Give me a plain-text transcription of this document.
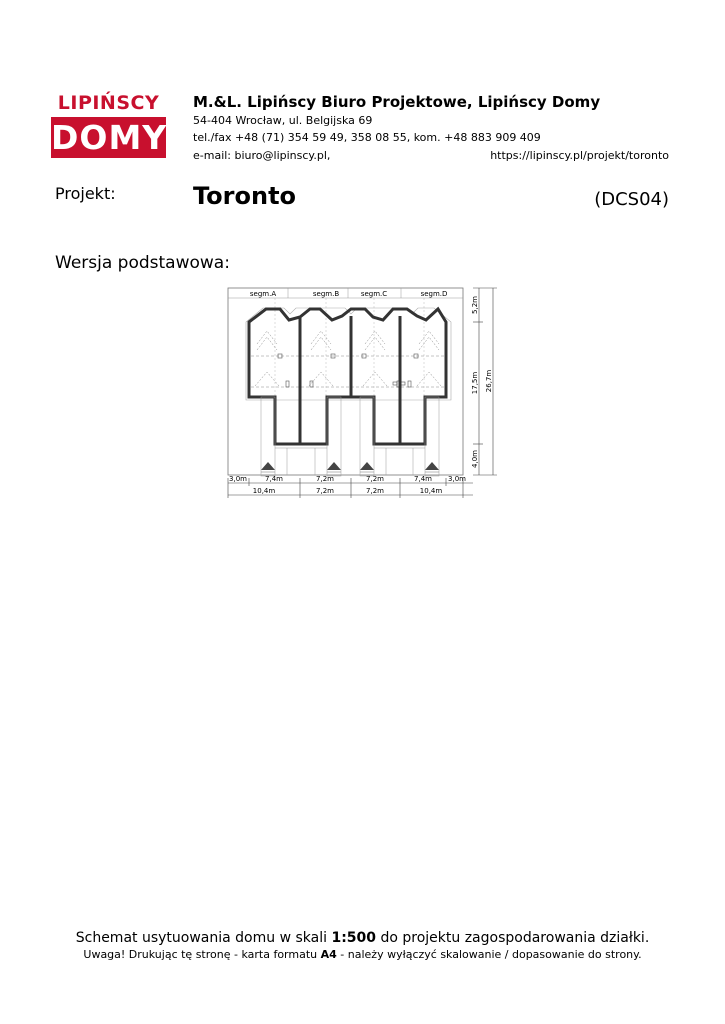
LIPIŃSCY
DOMY
M.&L. Lipińscy Biuro Projektowe, Lipińscy Domy
54-404 Wrocław, ul. Belgijska 69
tel./fax +48 (71) 354 59 49, 358 08 55, kom. +48 883 909 409
e-mail: biuro@lipinscy.pl,	https://lipinscy.pl/projekt/toronto
Projekt:	Toronto	(DCS04)
Wersja podstawowa:
segm.A	segm.B	segm.C	segm.D
5,2m
17,5m
4,0m
26,7m
3,0m	7,4m	7,2m	7,2m	7,4m 3,0m
10,4m	7,2m	7,2m	10,4m
Schemat usytuowania domu w skali 1:500 do projektu zagospodarowania działki.
Uwaga! Drukując tę stronę - karta formatu A4 - należy wyłączyć skalowanie / dopasowanie do strony.
